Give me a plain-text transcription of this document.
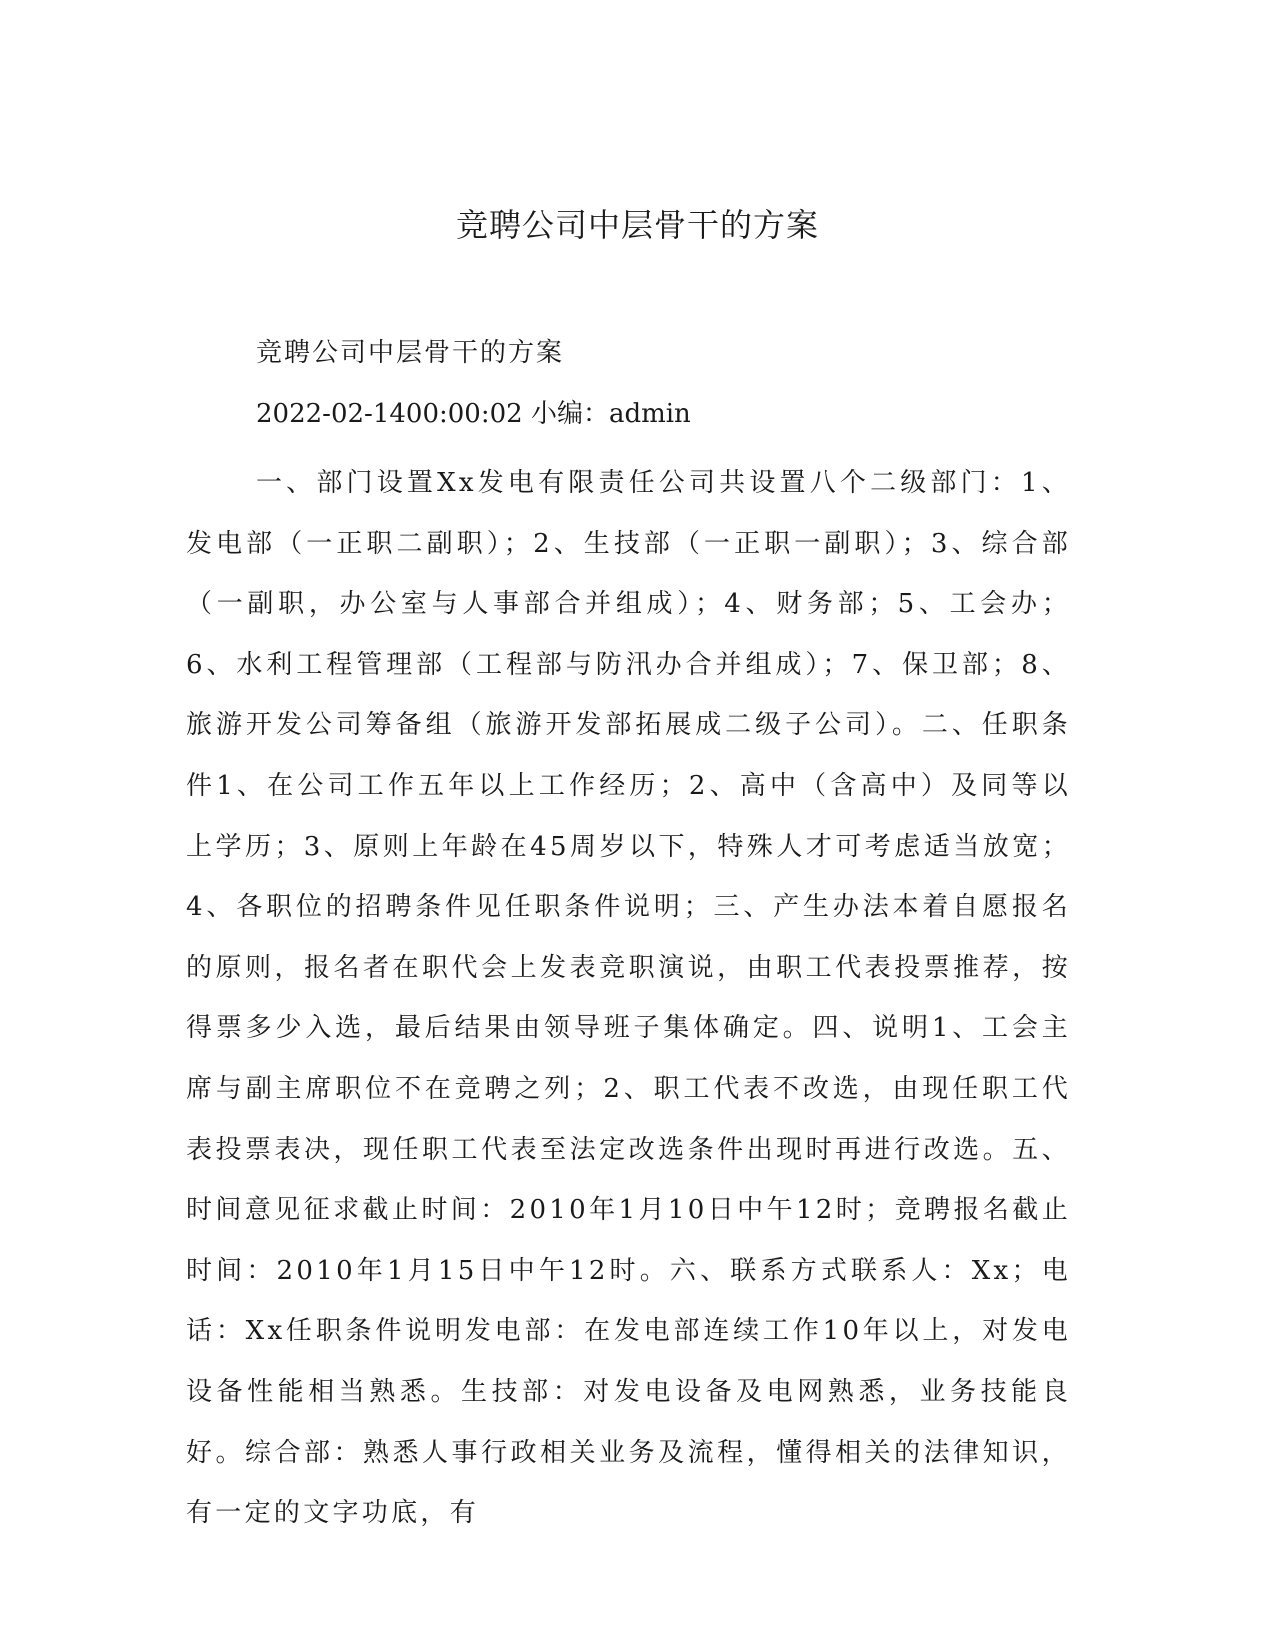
竞聘公司中层骨干的方案

竞聘公司中层骨干的方案

2022-02-1400:00:02 小编：admin

一、部门设置Xx发电有限责任公司共设置八个二级部门：1、发电部（一正职二副职）；2、生技部（一正职一副职）；3、综合部（一副职，办公室与人事部合并组成）；4、财务部；5、工会办；6、水利工程管理部（工程部与防汛办合并组成）；7、保卫部；8、旅游开发公司筹备组（旅游开发部拓展成二级子公司）。二、任职条件1、在公司工作五年以上工作经历；2、高中（含高中）及同等以上学历；3、原则上年龄在45周岁以下，特殊人才可考虑适当放宽；4、各职位的招聘条件见任职条件说明；三、产生办法本着自愿报名的原则，报名者在职代会上发表竞职演说，由职工代表投票推荐，按得票多少入选，最后结果由领导班子集体确定。四、说明1、工会主席与副主席职位不在竞聘之列；2、职工代表不改选，由现任职工代表投票表决，现任职工代表至法定改选条件出现时再进行改选。五、时间意见征求截止时间：2010年1月10日中午12时；竞聘报名截止时间：2010年1月15日中午12时。六、联系方式联系人：Xx；电话：Xx任职条件说明发电部：在发电部连续工作10年以上，对发电设备性能相当熟悉。生技部：对发电设备及电网熟悉，业务技能良好。综合部：熟悉人事行政相关业务及流程，懂得相关的法律知识，有一定的文字功底，有
